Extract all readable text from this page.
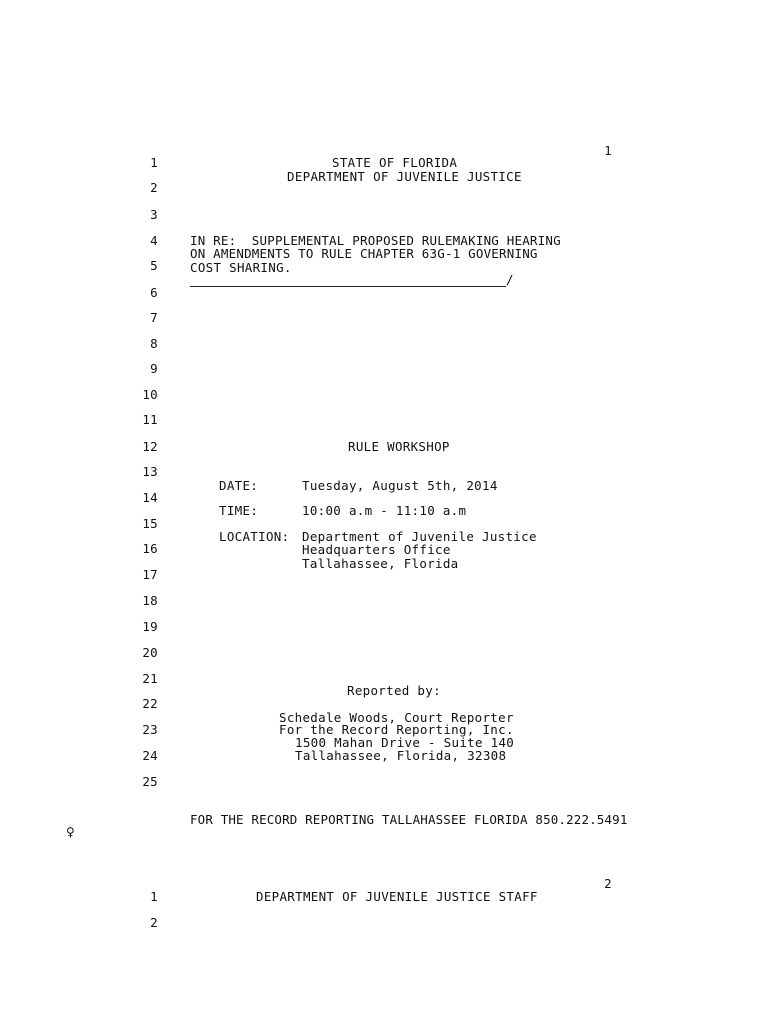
1
1
2
3
4
5
6
7
8
9
10
11
12
13
14
15
16
17
18
19
20
21
22
23
24
25
STATE OF FLORIDA
DEPARTMENT OF JUVENILE JUSTICE
IN RE:  SUPPLEMENTAL PROPOSED RULEMAKING HEARING
ON AMENDMENTS TO RULE CHAPTER 63G-1 GOVERNING
COST SHARING.
/
RULE WORKSHOP
DATE:	Tuesday, August 5th, 2014
TIME:	10:00 a.m - 11:10 a.m
LOCATION: Department of Juvenile Justice
Headquarters Office
Tallahassee, Florida
Reported by:
Schedale Woods, Court Reporter
For the Record Reporting, Inc.
1500 Mahan Drive - Suite 140
Tallahassee, Florida, 32308
FOR THE RECORD REPORTING TALLAHASSEE FLORIDA 850.222.5491
♀
2
1
2
DEPARTMENT OF JUVENILE JUSTICE STAFF
